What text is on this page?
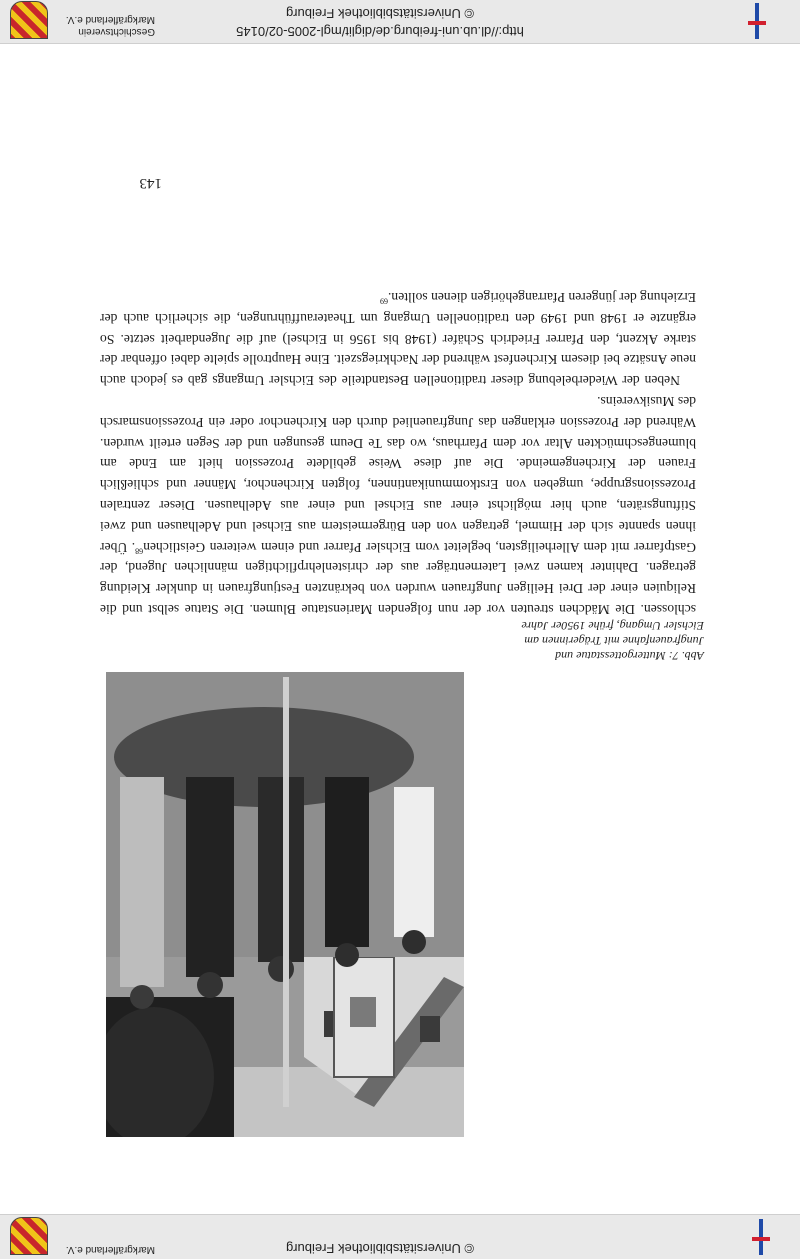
http://dl.ub.uni-freiburg.de/diglit/mgl-2005-02/0145
© Universitätsbibliothek Freiburg
Geschichtsverein
Markgräflerland e.V.
© Universitätsbibliothek Freiburg
Markgräflerland e.V.
Abb. 7: Muttergottesstatue und Jungfrauenfahne mit Trägerinnen am Eichsler Umgang, frühe 1950er Jahre

schlossen. Die Mädchen streuten vor der nun folgenden Marienstatue Blumen. Die Statue selbst und die Reliquien einer der Drei Heiligen Jungfrauen wurden von bekränzten Festjungfrauen in dunkler Kleidung getragen. Dahinter kamen zwei Laternenträger aus der christenlehrpflichtigen männlichen Jugend, der Gastpfarrer mit dem Allerheiligsten, begleitet vom Eichsler Pfarrer und einem weiteren Geistlichen$^{68}$. Über ihnen spannte sich der Himmel, getragen von den Bürgermeistern aus Eichsel und Adelhausen und zwei Stiftungsräten, auch hier möglichst einer aus Eichsel und einer aus Adelhausen. Dieser zentralen Prozessionsgruppe, umgeben von Erstkommunikantinnen, folgten Kirchenchor, Männer und schließlich Frauen der Kirchengemeinde. Die auf diese Weise gebildete Prozession hielt am Ende am blumengeschmückten Altar vor dem Pfarrhaus, wo das Te Deum gesungen und der Segen erteilt wurden. Während der Prozession erklangen das Jungfrauenlied durch den Kirchenchor oder ein Prozessionsmarsch des Musikvereins.

Neben der Wiederbelebung dieser traditionellen Bestandteile des Eichsler Umgangs gab es jedoch auch neue Ansätze bei diesem Kirchenfest während der Nachkriegszeit. Eine Hauptrolle spielte dabei offenbar der starke Akzent, den Pfarrer Friedrich Schäfer (1948 bis 1956 in Eichsel) auf die Jugendarbeit setzte. So ergänzte er 1948 und 1949 den traditionellen Umgang um Theateraufführungen, die sicherlich auch der Erziehung der jüngeren Pfarrangehörigen dienen sollten.$^{69}$

143
